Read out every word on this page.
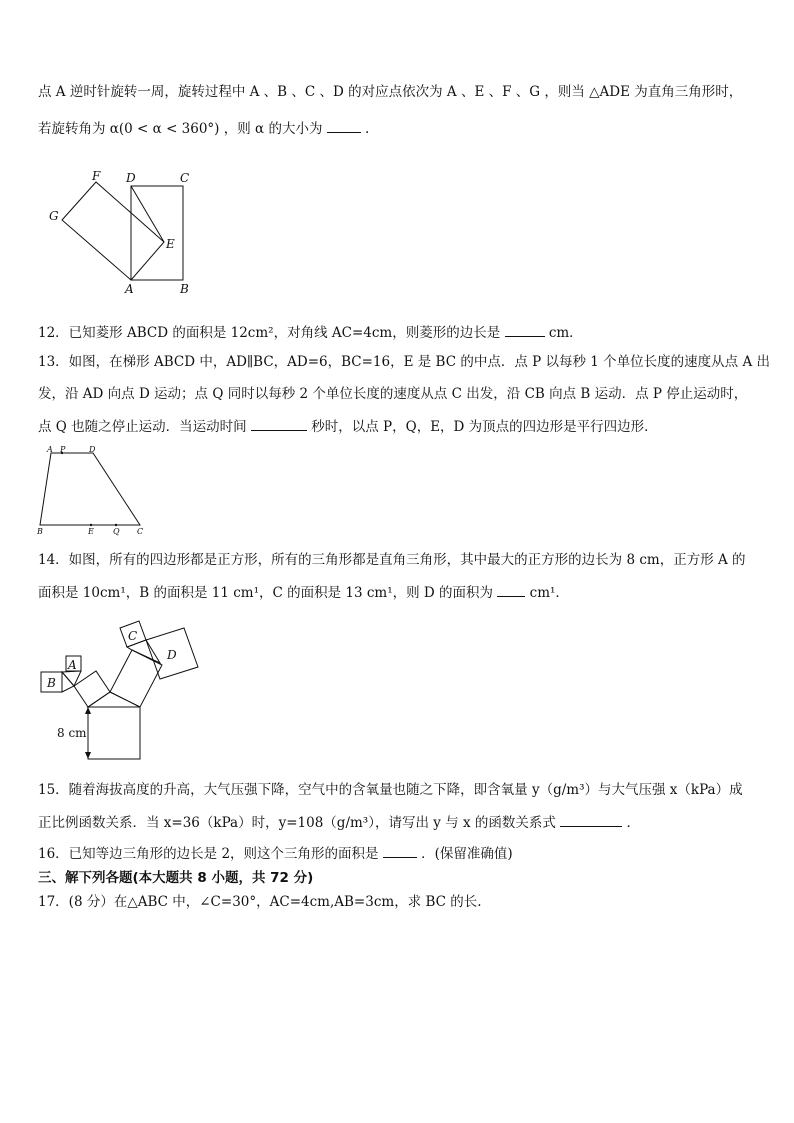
点 A 逆时针旋转一周，旋转过程中 A 、B 、C 、D 的对应点依次为 A 、E 、F 、G ，则当 △ADE 为直角三角形时，
若旋转角为 α(0 < α < 360°) ，则 α 的大小为	.
F D	C
G
E
A	B
12．已知菱形 ABCD 的面积是 12cm²，对角线 AC=4cm，则菱形的边长是	cm．
13．如图，在梯形 ABCD 中，AD∥BC，AD=6，BC=16，E 是 BC 的中点．点 P 以每秒 1 个单位长度的速度从点 A 出
发，沿 AD 向点 D 运动；点 Q 同时以每秒 2 个单位长度的速度从点 C 出发，沿 CB 向点 B 运动．点 P 停止运动时，
点 Q 也随之停止运动．当运动时间	秒时，以点 P，Q，E，D 为顶点的四边形是平行四边形．
A P	D
B	E Q C
14．如图，所有的四边形都是正方形，所有的三角形都是直角三角形，其中最大的正方形的边长为 8 cm，正方形 A 的
面积是 10cm¹，B 的面积是 11 cm¹，C 的面积是 13 cm¹，则 D 的面积为	cm¹．
A
B
C
D
8 cm
15．随着海拔高度的升高，大气压强下降，空气中的含氧量也随之下降，即含氧量 y（g/m³）与大气压强 x（kPa）成
正比例函数关系．当 x=36（kPa）时，y=108（g/m³），请写出 y 与 x 的函数关系式	．
16．已知等边三角形的边长是 2，则这个三角形的面积是	．(保留准确值)
三、解下列各题(本大题共 8 小题，共 72 分)
17．(8 分）在△ABC 中，∠C=30°，AC=4cm,AB=3cm，求 BC 的长.
